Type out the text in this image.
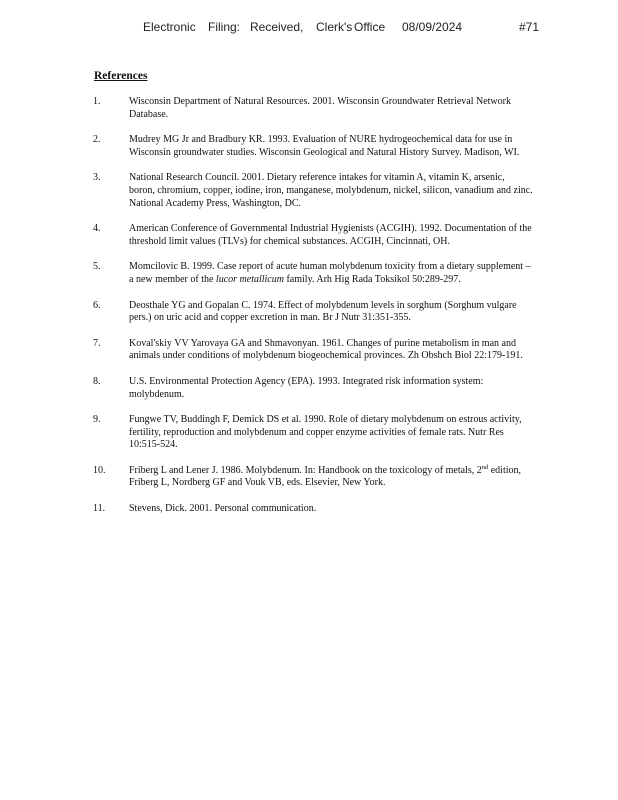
Electronic Filing: Received, Clerk's Office 08/09/2024	#71
References
1.	Wisconsin Department of Natural Resources. 2001. Wisconsin Groundwater Retrieval Network Database.
2.	Mudrey MG Jr and Bradbury KR. 1993. Evaluation of NURE hydrogeochemical data for use in Wisconsin groundwater studies. Wisconsin Geological and Natural History Survey. Madison, WI.
3.	National Research Council. 2001. Dietary reference intakes for vitamin A, vitamin K, arsenic, boron, chromium, copper, iodine, iron, manganese, molybdenum, nickel, silicon, vanadium and zinc. National Academy Press, Washington, DC.
4.	American Conference of Governmental Industrial Hygienists (ACGIH). 1992. Documentation of the threshold limit values (TLVs) for chemical substances. ACGIH, Cincinnati, OH.
5.	Momcilovic B. 1999. Case report of acute human molybdenum toxicity from a dietary supplement – a new member of the lucor metallicum family. Arh Hig Rada Toksikol 50:289-297.
6.	Deosthale YG and Gopalan C. 1974. Effect of molybdenum levels in sorghum (Sorghum vulgare pers.) on uric acid and copper excretion in man. Br J Nutr 31:351-355.
7.	Koval'skiy VV Yarovaya GA and Shmavonyan. 1961. Changes of purine metabolism in man and animals under conditions of molybdenum biogeochemical provinces. Zh Obshch Biol 22:179-191.
8.	U.S. Environmental Protection Agency (EPA). 1993. Integrated risk information system: molybdenum.
9.	Fungwe TV, Buddingh F, Demick DS et al. 1990. Role of dietary molybdenum on estrous activity, fertility, reproduction and molybdenum and copper enzyme activities of female rats. Nutr Res 10:515-524.
10. Friberg L and Lener J. 1986. Molybdenum. In: Handbook on the toxicology of metals, 2nd edition, Friberg L, Nordberg GF and Vouk VB, eds. Elsevier, New York.
11. Stevens, Dick. 2001. Personal communication.
